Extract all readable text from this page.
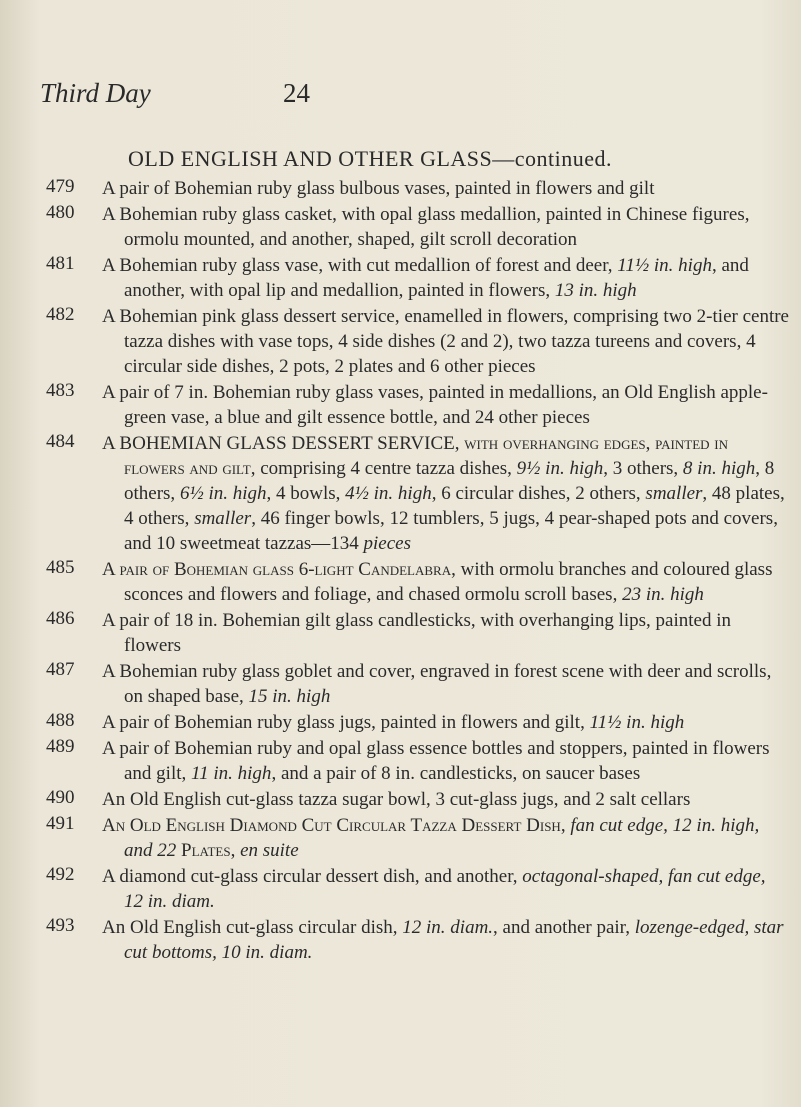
Third Day	24
OLD ENGLISH AND OTHER GLASS—continued.
479	A pair of Bohemian ruby glass bulbous vases, painted in flowers and gilt
480	A Bohemian ruby glass casket, with opal glass medallion, painted in Chinese figures, ormolu mounted, and another, shaped, gilt scroll decoration
481	A Bohemian ruby glass vase, with cut medallion of forest and deer, 11½ in. high, and another, with opal lip and medallion, painted in flowers, 13 in. high
482	A Bohemian pink glass dessert service, enamelled in flowers, comprising two 2-tier centre tazza dishes with vase tops, 4 side dishes (2 and 2), two tazza tureens and covers, 4 circular side dishes, 2 pots, 2 plates and 6 other pieces
483	A pair of 7 in. Bohemian ruby glass vases, painted in medallions, an Old English apple-green vase, a blue and gilt essence bottle, and 24 other pieces
484	A BOHEMIAN GLASS DESSERT SERVICE, with overhanging edges, painted in flowers and gilt, comprising 4 centre tazza dishes, 9½ in. high, 3 others, 8 in. high, 8 others, 6½ in. high, 4 bowls, 4½ in. high, 6 circular dishes, 2 others, smaller, 48 plates, 4 others, smaller, 46 finger bowls, 12 tumblers, 5 jugs, 4 pear-shaped pots and covers, and 10 sweetmeat tazzas—134 pieces
485	A pair of Bohemian glass 6-light Candelabra, with ormolu branches and coloured glass sconces and flowers and foliage, and chased ormolu scroll bases, 23 in. high
486	A pair of 18 in. Bohemian gilt glass candlesticks, with overhanging lips, painted in flowers
487	A Bohemian ruby glass goblet and cover, engraved in forest scene with deer and scrolls, on shaped base, 15 in. high
488	A pair of Bohemian ruby glass jugs, painted in flowers and gilt, 11½ in. high
489	A pair of Bohemian ruby and opal glass essence bottles and stoppers, painted in flowers and gilt, 11 in. high, and a pair of 8 in. candlesticks, on saucer bases
490	An Old English cut-glass tazza sugar bowl, 3 cut-glass jugs, and 2 salt cellars
491	An Old English Diamond Cut Circular Tazza Dessert Dish, fan cut edge, 12 in. high, and 22 Plates, en suite
492	A diamond cut-glass circular dessert dish, and another, octagonal-shaped, fan cut edge, 12 in. diam.
493	An Old English cut-glass circular dish, 12 in. diam., and another pair, lozenge-edged, star cut bottoms, 10 in. diam.
